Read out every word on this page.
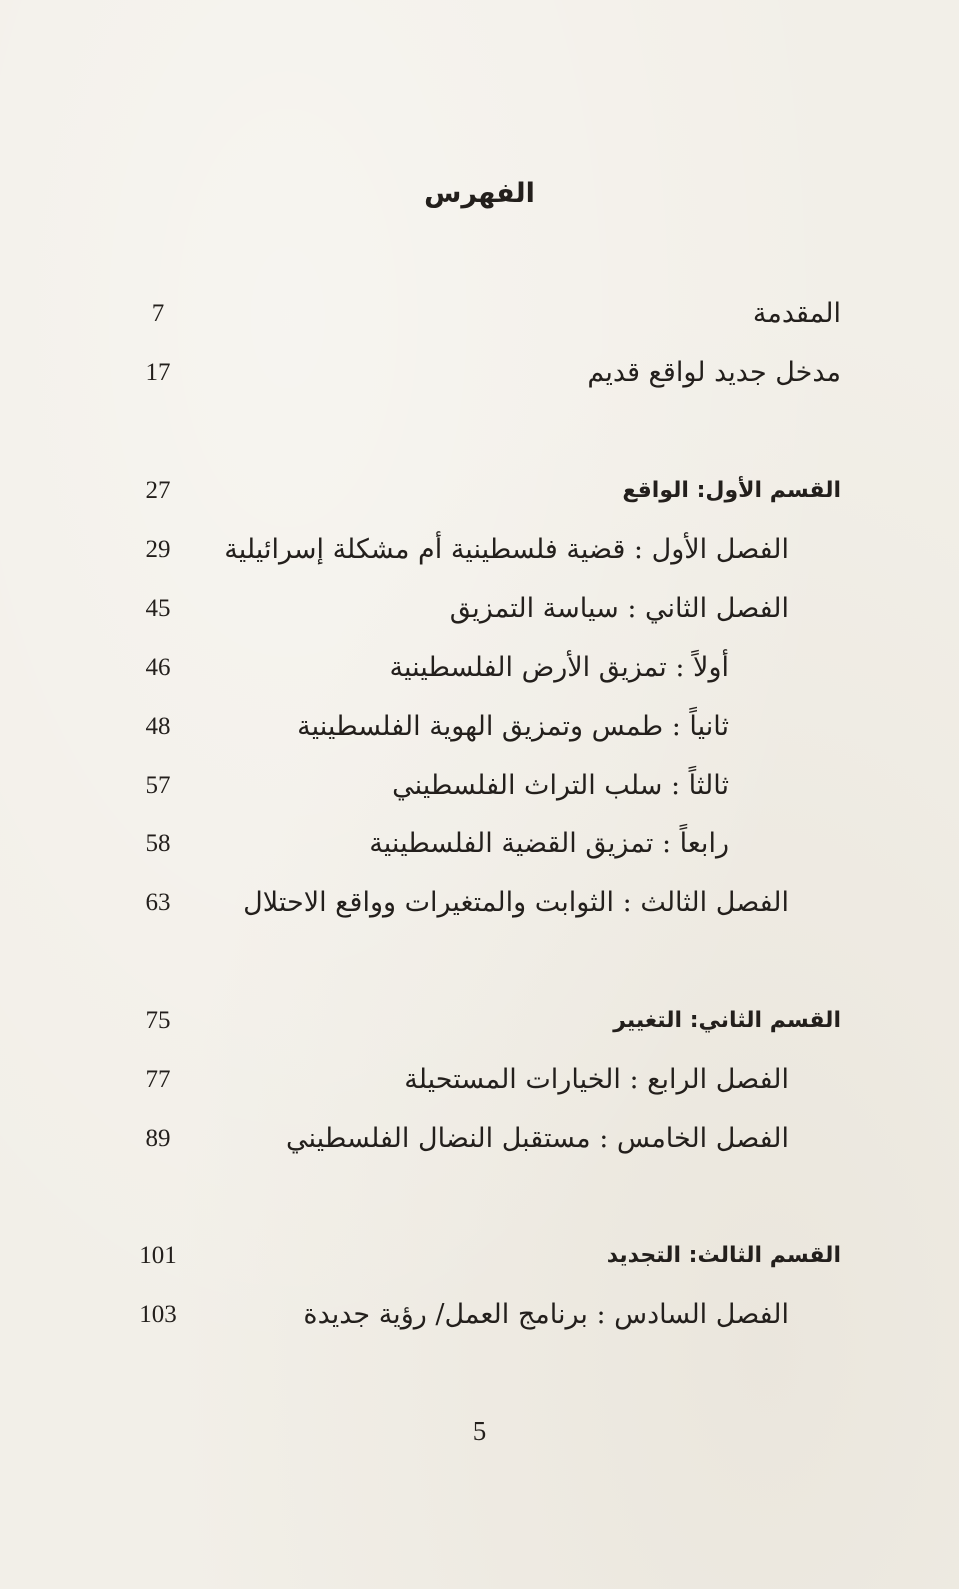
الفهرس
المقدمة
7
مدخل جديد لواقع قديم
17
القسم الأول: الواقع
27
الفصل الأول : قضية فلسطينية أم مشكلة إسرائيلية
29
الفصل الثاني : سياسة التمزيق
45
أولاً : تمزيق الأرض الفلسطينية
46
ثانياً : طمس وتمزيق الهوية الفلسطينية
48
ثالثاً : سلب التراث الفلسطيني
57
رابعاً : تمزيق القضية الفلسطينية
58
الفصل الثالث : الثوابت والمتغيرات وواقع الاحتلال
63
القسم الثاني: التغيير
75
الفصل الرابع : الخيارات المستحيلة
77
الفصل الخامس : مستقبل النضال الفلسطيني
89
القسم الثالث: التجديد
101
الفصل السادس : برنامج العمل/ رؤية جديدة
103
5
